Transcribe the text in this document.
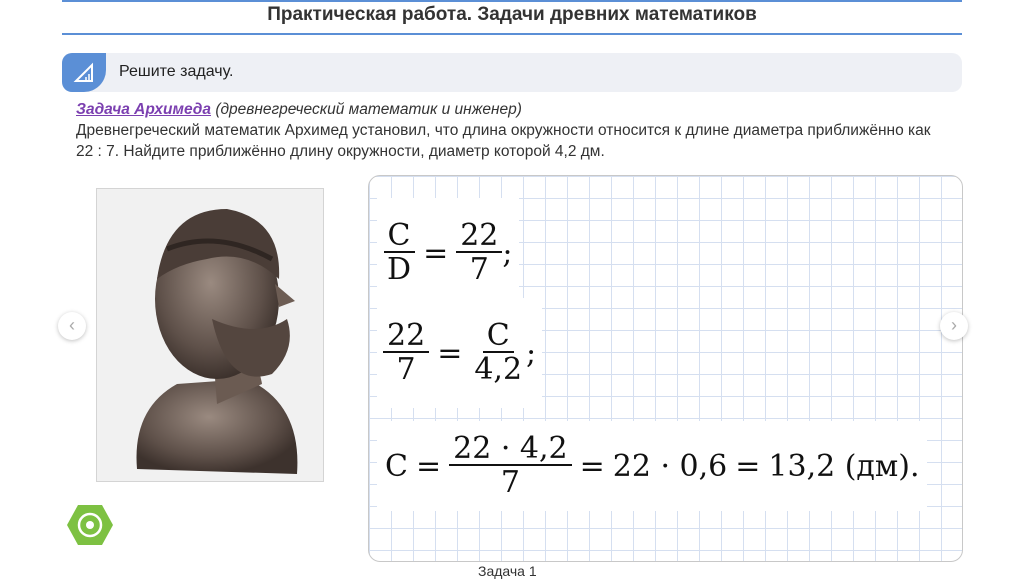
Практическая работа. Задачи древних математиков
Решите задачу.
Задача Архимеда (древнегреческий математик и инженер)
Древнегреческий математик Архимед установил, что длина окружности относится к длине диаметра приближённо как 22 : 7. Найдите приближённо длину окружности, диаметр которой 4,2 дм.
$\frac{C}{D} = \frac{22}{7}$ ;
$\frac{22}{7} = \frac{C}{4,2}$ ;
$C = \frac{22 \cdot 4,2}{7} = 22 \cdot 0,6 = 13,2$ (дм).
‹	›
Задача 1
